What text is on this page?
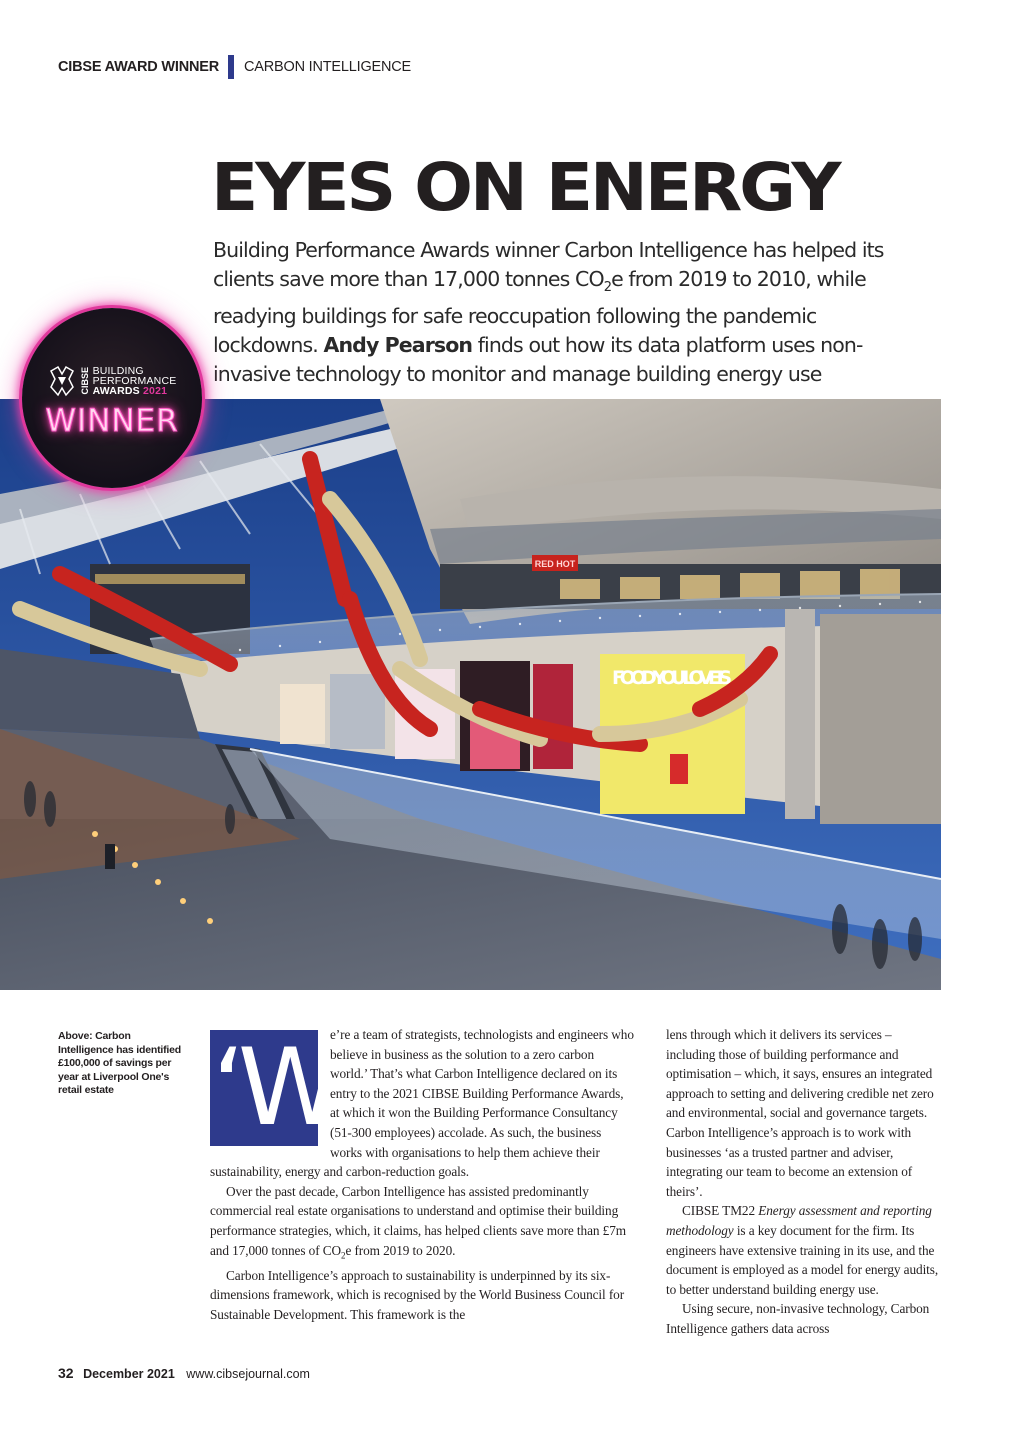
CIBSE AWARD WINNER CARBON INTELLIGENCE
EYES ON ENERGY

Building Performance Awards winner Carbon Intelligence has helped its clients save more than 17,000 tonnes $CO_2e$ from 2019 to 2010, while readying buildings for safe reoccupation following the pandemic lockdowns. Andy Pearson finds out how its data platform uses non-invasive technology to monitor and manage building energy use

RED HOT
La
FOOD YOU LOVE IS
CIBSE BUILDING
PERFORMANCE
AWARDS 2021
WINNER

Above: Carbon Intelligence has identified £100,000 of savings per year at Liverpool One's retail estate ‘W
e’re a team of strategists, technologists and engineers who believe in business as the solution to a zero carbon world.’ That’s what Carbon Intelligence declared on its entry to the 2021 CIBSE Building Performance Awards, at which it won the Building Performance Consultancy (51-300 employees) accolade. As such, the business works with organisations to help them achieve their sustainability, energy and carbon-reduction goals.

Over the past decade, Carbon Intelligence has assisted predominantly commercial real estate organisations to understand and optimise their building performance strategies, which, it claims, has helped clients save more than £7m and 17,000 tonnes of $CO_2e$ from 2019 to 2020.

Carbon Intelligence’s approach to sustainability is underpinned by its six-dimensions framework, which is recognised by the World Business Council for Sustainable Development. This framework is the

lens through which it delivers its services – including those of building performance and optimisation – which, it says, ensures an integrated approach to setting and delivering credible net zero and environmental, social and governance targets. Carbon Intelligence’s approach is to work with businesses ‘as a trusted partner and adviser, integrating our team to become an extension of theirs’.

CIBSE TM22 Energy assessment and reporting methodology is a key document for the firm. Its engineers have extensive training in its use, and the document is employed as a model for energy audits, to better understand building energy use.

Using secure, non-invasive technology, Carbon Intelligence gathers data across

32 December 2021 www.cibsejournal.com
